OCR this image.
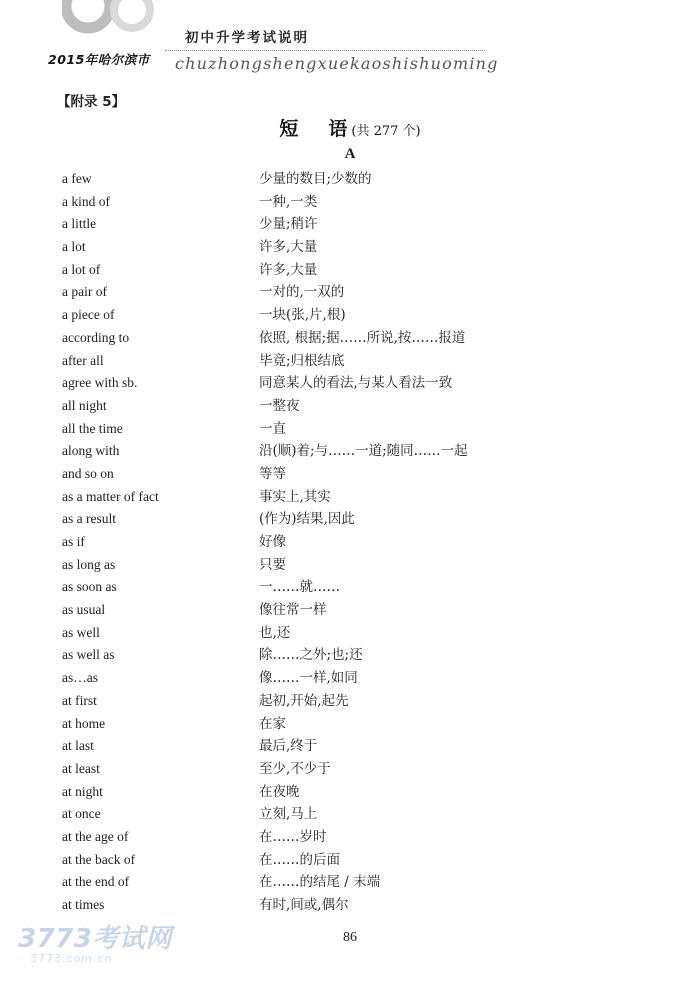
初中升学考试说明
2015年哈尔滨市 chuzhongshengxuekaoshishuoming
【附录 5】
短 语 (共 277 个)
A
a few	少量的数目;少数的
a kind of	一种,一类
a little	少量;稍许
a lot	许多,大量
a lot of	许多,大量
a pair of	一对的,一双的
a piece of	一块(张,片,根)
according to	依照, 根据;据……所说,按……报道
after all	毕竟;归根结底
agree with sb.	同意某人的看法,与某人看法一致
all night	一整夜
all the time	一直
along with	沿(顺)着;与……一道;随同……一起
and so on	等等
as a matter of fact	事实上,其实
as a result	(作为)结果,因此
as if	好像
as long as	只要
as soon as	一……就……
as usual	像往常一样
as well	也,还
as well as	除……之外;也;还
as…as	像……一样,如同
at first	起初,开始,起先
at home	在家
at last	最后,终于
at least	至少,不少于
at night	在夜晚
at once	立刻,马上
at the age of	在……岁时
at the back of	在……的后面
at the end of	在……的结尾 / 末端
at times	有时,间或,偶尔
86
3773考试网
3773.com.cn
